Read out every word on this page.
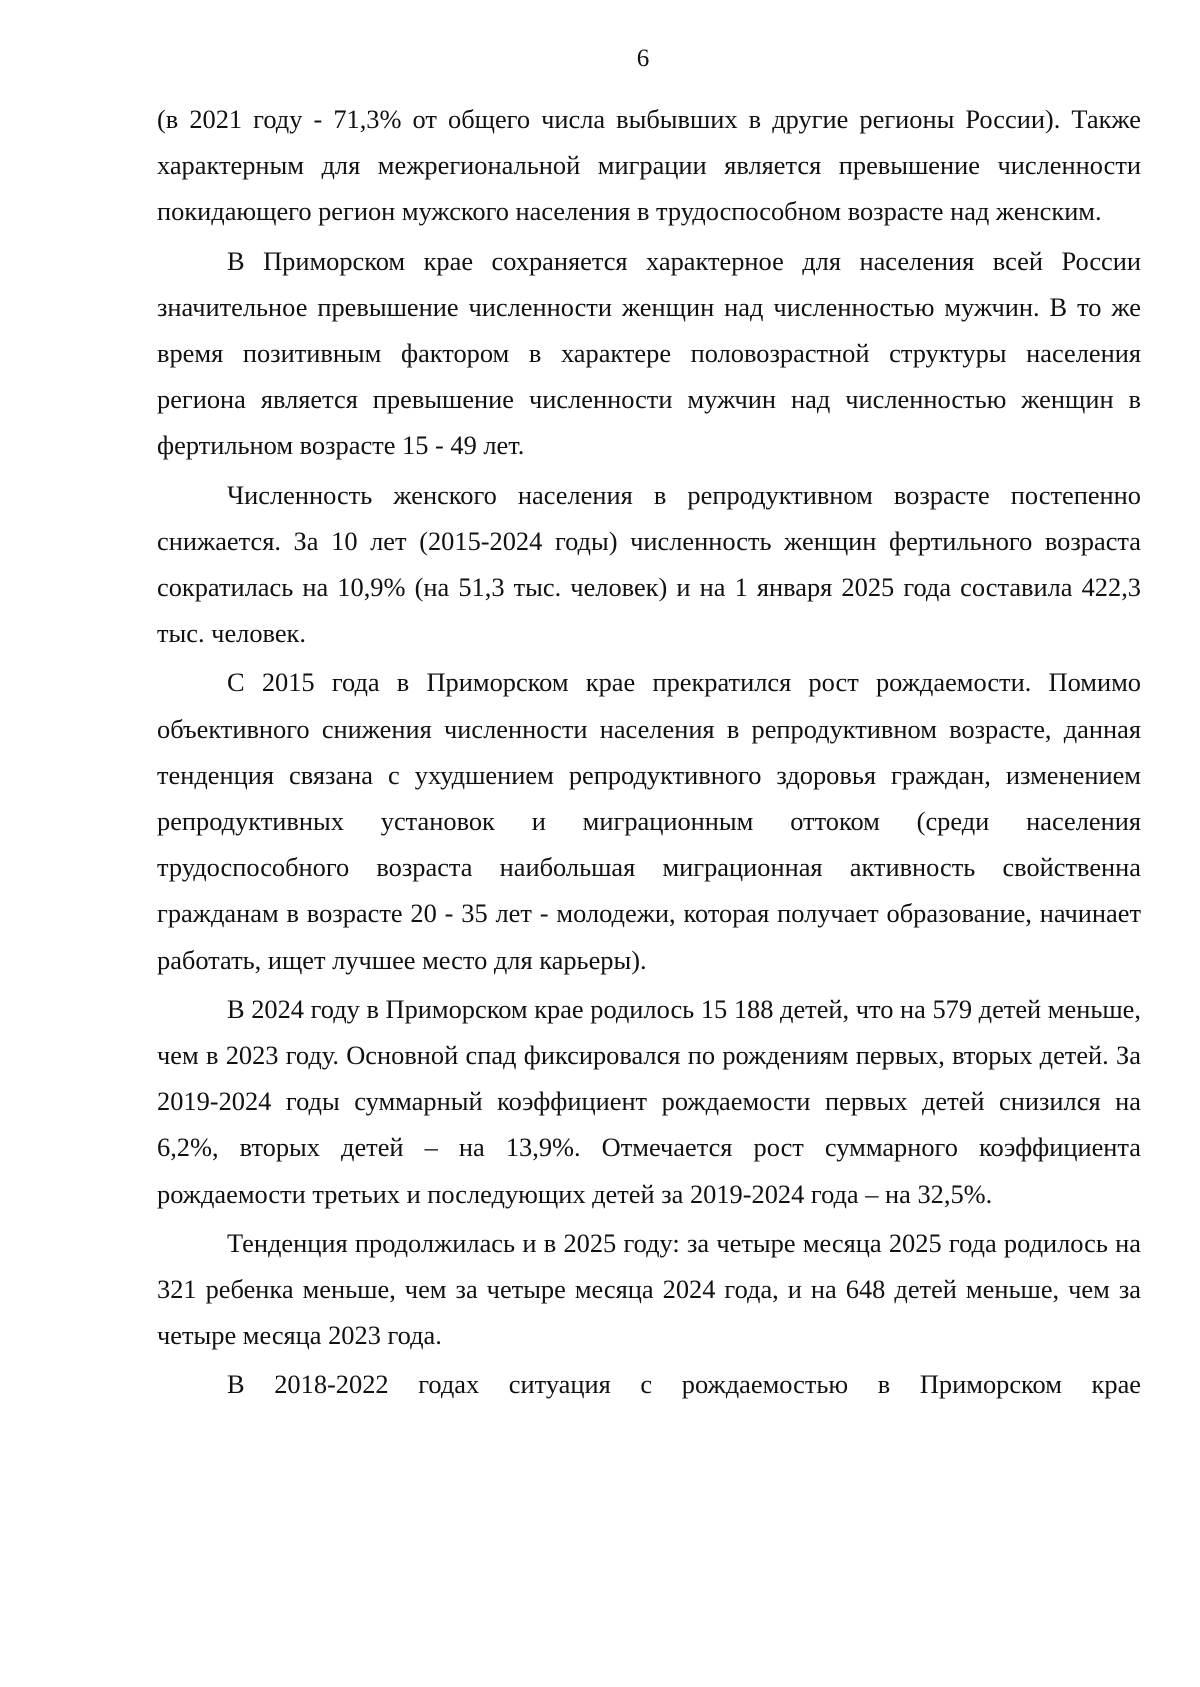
6

(в 2021 году - 71,3% от общего числа выбывших в другие регионы России). Также характерным для межрегиональной миграции является превышение численности покидающего регион мужского населения в трудоспособном возрасте над женским.

В Приморском крае сохраняется характерное для населения всей России значительное превышение численности женщин над численностью мужчин. В то же время позитивным фактором в характере половозрастной структуры населения региона является превышение численности мужчин над численностью женщин в фертильном возрасте 15 - 49 лет.

Численность женского населения в репродуктивном возрасте постепенно снижается. За 10 лет (2015-2024 годы) численность женщин фертильного возраста сократилась на 10,9% (на 51,3 тыс. человек) и на 1 января 2025 года составила 422,3 тыс. человек.

С 2015 года в Приморском крае прекратился рост рождаемости. Помимо объективного снижения численности населения в репродуктивном возрасте, данная тенденция связана с ухудшением репродуктивного здоровья граждан, изменением репродуктивных установок и миграционным оттоком (среди населения трудоспособного возраста наибольшая миграционная активность свойственна гражданам в возрасте 20 - 35 лет - молодежи, которая получает образование, начинает работать, ищет лучшее место для карьеры).

В 2024 году в Приморском крае родилось 15 188 детей, что на 579 детей меньше, чем в 2023 году. Основной спад фиксировался по рождениям первых, вторых детей. За 2019-2024 годы суммарный коэффициент рождаемости первых детей снизился на 6,2%, вторых детей – на 13,9%. Отмечается рост суммарного коэффициента рождаемости третьих и последующих детей за 2019-2024 года – на 32,5%.

Тенденция продолжилась и в 2025 году: за четыре месяца 2025 года родилось на 321 ребенка меньше, чем за четыре месяца 2024 года, и на 648 детей меньше, чем за четыре месяца 2023 года.

В 2018-2022 годах ситуация с рождаемостью в Приморском крае
